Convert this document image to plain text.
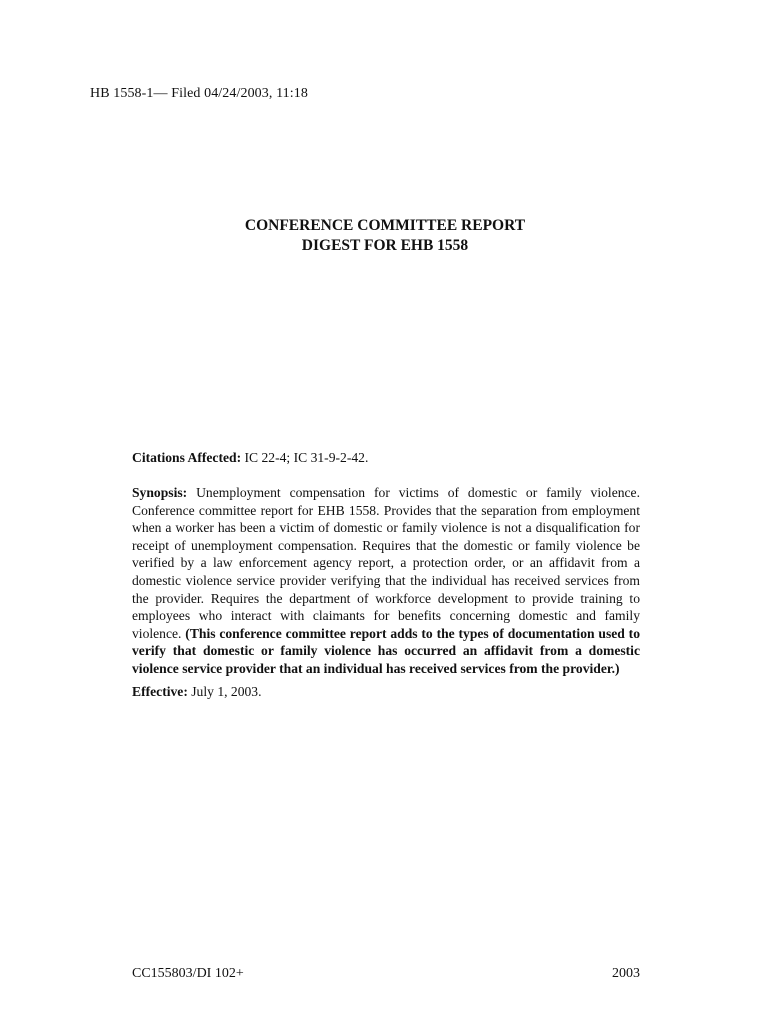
HB 1558-1— Filed 04/24/2003, 11:18
CONFERENCE COMMITTEE REPORT
DIGEST FOR EHB 1558
Citations Affected: IC 22-4; IC 31-9-2-42.
Synopsis: Unemployment compensation for victims of domestic or family violence. Conference committee report for EHB 1558. Provides that the separation from employment when a worker has been a victim of domestic or family violence is not a disqualification for receipt of unemployment compensation. Requires that the domestic or family violence be verified by a law enforcement agency report, a protection order, or an affidavit from a domestic violence service provider verifying that the individual has received services from the provider. Requires the department of workforce development to provide training to employees who interact with claimants for benefits concerning domestic and family violence. (This conference committee report adds to the types of documentation used to verify that domestic or family violence has occurred an affidavit from a domestic violence service provider that an individual has received services from the provider.)
Effective: July 1, 2003.
CC155803/DI 102+	2003
